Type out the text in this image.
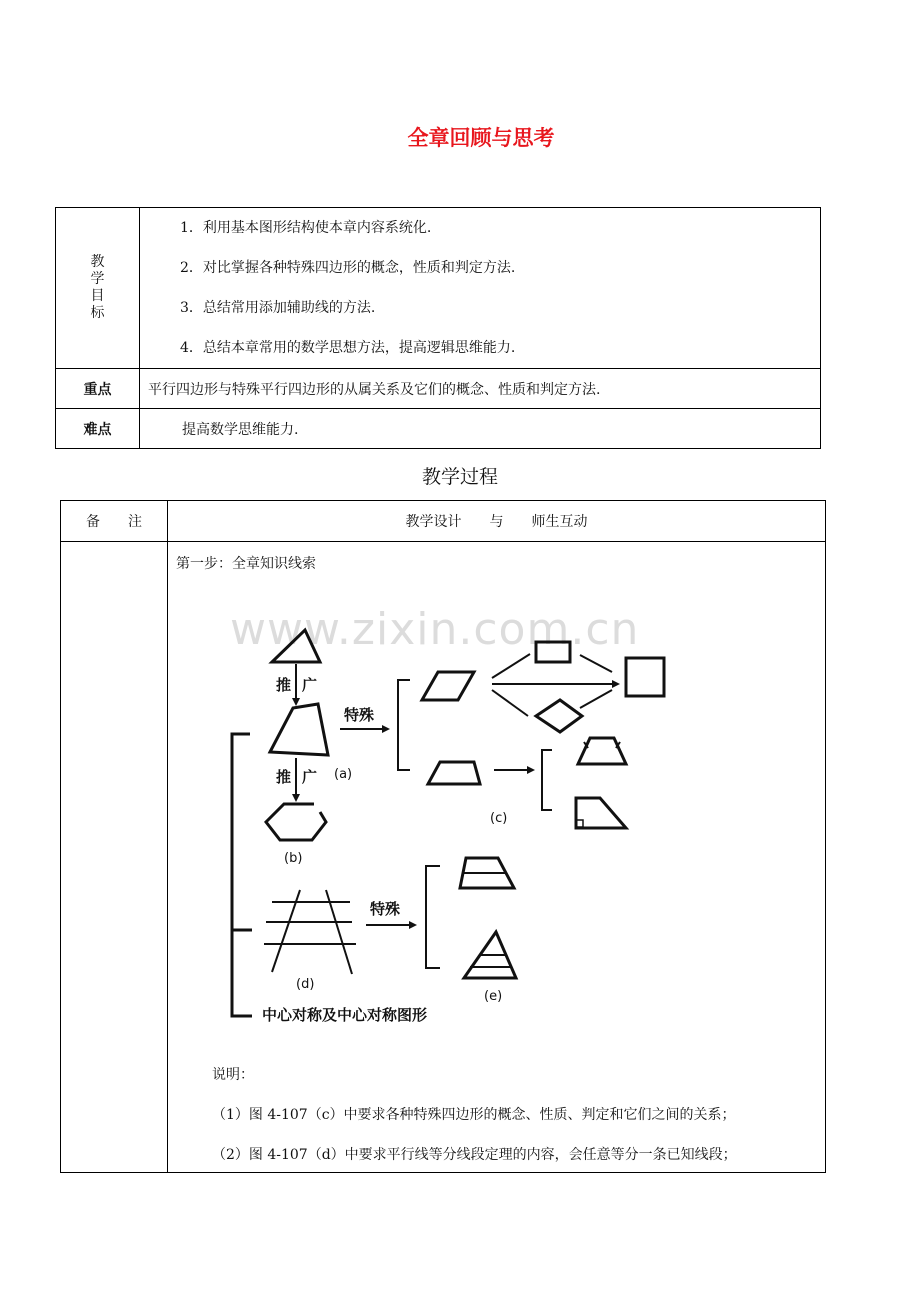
全章回顾与思考
教学目标	1．利用基本图形结构使本章内容系统化.
2．对比掌握各种特殊四边形的概念，性质和判定方法.
3．总结常用添加辅助线的方法.
4．总结本章常用的数学思想方法，提高逻辑思维能力.

重点	平行四边形与特殊平行四边形的从属关系及它们的概念、性质和判定方法.
难点	提高数学思维能力.
教学过程
备　　注	教学设计　　与　　师生互动

第一步：全章知识线索
www.zixin.com.cn
推 广
推 广 (a)
(b)
特殊
(c)
(d)
特殊
(e)
中心对称及中心对称图形
说明：
（1）图 4-107（c）中要求各种特殊四边形的概念、性质、判定和它们之间的关系；
（2）图 4-107（d）中要求平行线等分线段定理的内容，会任意等分一条已知线段；
